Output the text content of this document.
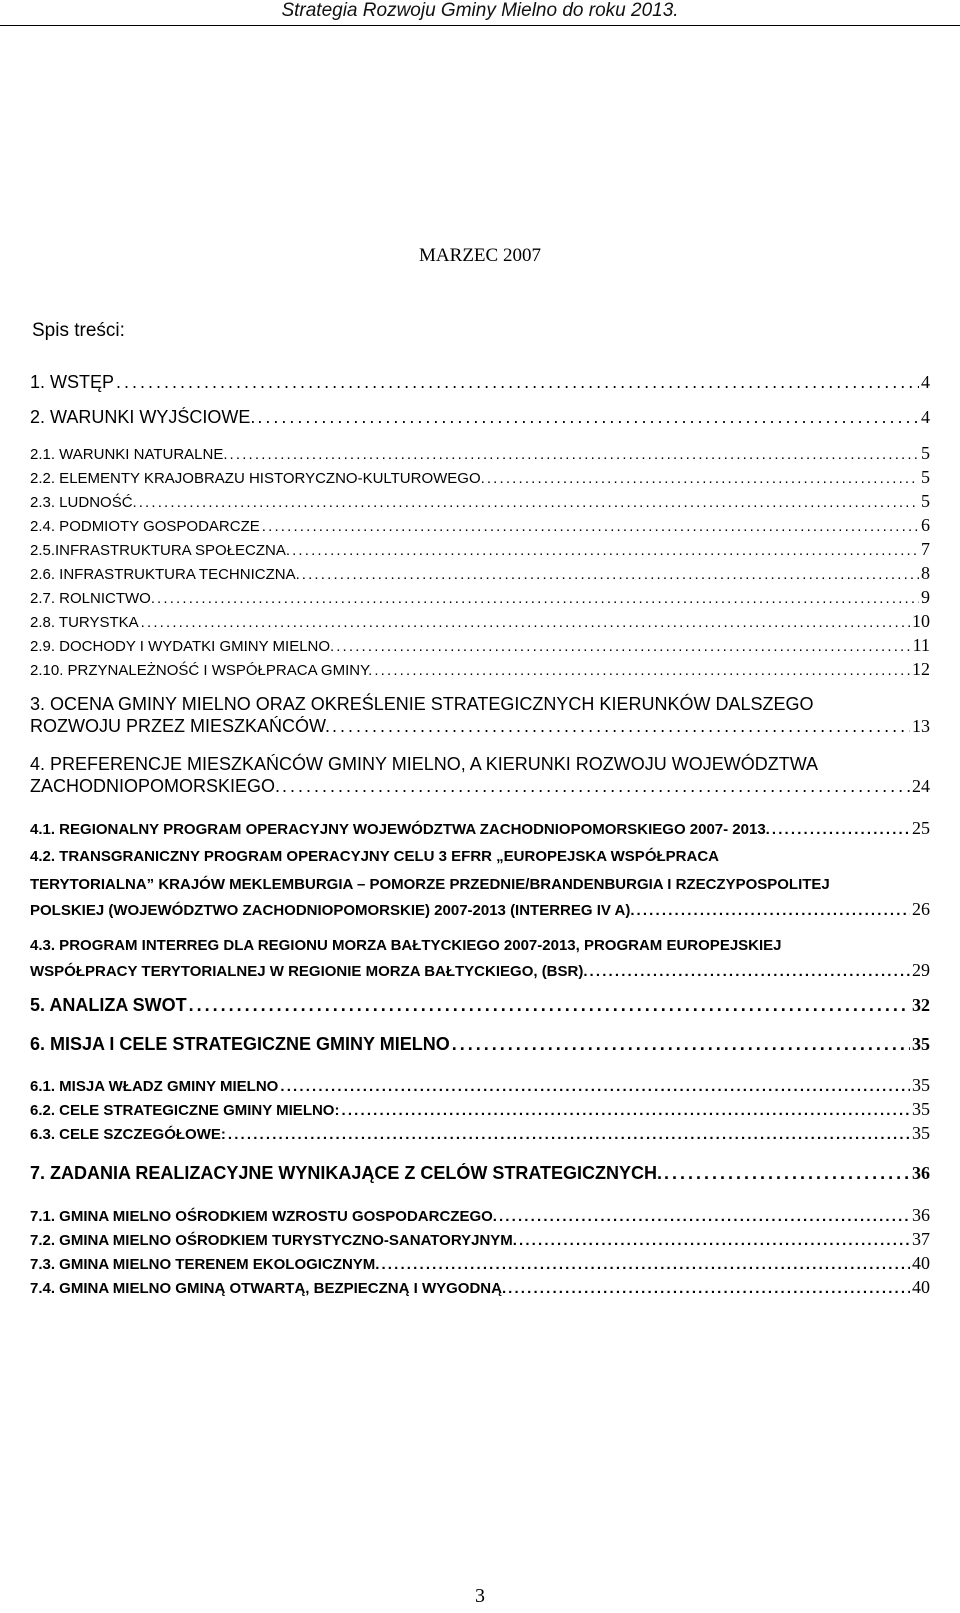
Strategia Rozwoju Gminy Mielno do roku 2013.
MARZEC 2007
Spis treści:
1. WSTĘP . . .	4
2. WARUNKI WYJŚCIOWE. . . .	4
2.1. WARUNKI NATURALNE. . . .	5
2.2. ELEMENTY KRAJOBRAZU HISTORYCZNO-KULTUROWEGO. . . .	5
2.3. LUDNOŚĆ. . . .	5
2.4. PODMIOTY GOSPODARCZE . . .	6
2.5.INFRASTRUKTURA SPOŁECZNA. . . .	7
2.6. INFRASTRUKTURA TECHNICZNA. . . .	8
2.7. ROLNICTWO. . . .	9
2.8. TURYSTKA . . .	10
2.9. DOCHODY I WYDATKI GMINY MIELNO. . . .	11
2.10. PRZYNALEŻNOŚĆ I WSPÓŁPRACA GMINY. . . .	12
3. OCENA GMINY MIELNO ORAZ OKREŚLENIE STRATEGICZNYCH KIERUNKÓW DALSZEGO
ROZWOJU PRZEZ MIESZKAŃCÓW. . . .	13
4. PREFERENCJE MIESZKAŃCÓW GMINY MIELNO, A KIERUNKI ROZWOJU WOJEWÓDZTWA
ZACHODNIOPOMORSKIEGO. . . .	24
4.1. REGIONALNY PROGRAM OPERACYJNY WOJEWÓDZTWA ZACHODNIOPOMORSKIEGO 2007- 2013. . . .	25
4.2. TRANSGRANICZNY PROGRAM OPERACYJNY CELU 3 EFRR „EUROPEJSKA WSPÓŁPRACA
TERYTORIALNA” KRAJÓW MEKLEMBURGIA – POMORZE PRZEDNIE/BRANDENBURGIA I RZECZYPOSPOLITEJ
POLSKIEJ (WOJEWÓDZTWO ZACHODNIOPOMORSKIE) 2007-2013 (INTERREG IV A). . . .	26
4.3. PROGRAM INTERREG DLA REGIONU MORZA BAŁTYCKIEGO 2007-2013, PROGRAM EUROPEJSKIEJ
WSPÓŁPRACY TERYTORIALNEJ W REGIONIE MORZA BAŁTYCKIEGO, (BSR). . . .	29
5. ANALIZA SWOT . . .	32
6. MISJA I CELE STRATEGICZNE GMINY MIELNO . . .	35
6.1. MISJA WŁADZ GMINY MIELNO . . .	35
6.2. CELE STRATEGICZNE GMINY MIELNO: . . .	35
6.3. CELE SZCZEGÓŁOWE: . . .	35
7. ZADANIA REALIZACYJNE WYNIKAJĄCE Z CELÓW STRATEGICZNYCH. . . .	36
7.1. GMINA MIELNO OŚRODKIEM WZROSTU GOSPODARCZEGO. . . .	36
7.2. GMINA MIELNO OŚRODKIEM TURYSTYCZNO-SANATORYJNYM. . . .	37
7.3. GMINA MIELNO TERENEM EKOLOGICZNYM. . . .	40
7.4. GMINA MIELNO GMINĄ OTWARTĄ, BEZPIECZNĄ I WYGODNĄ. . . .	40
3
